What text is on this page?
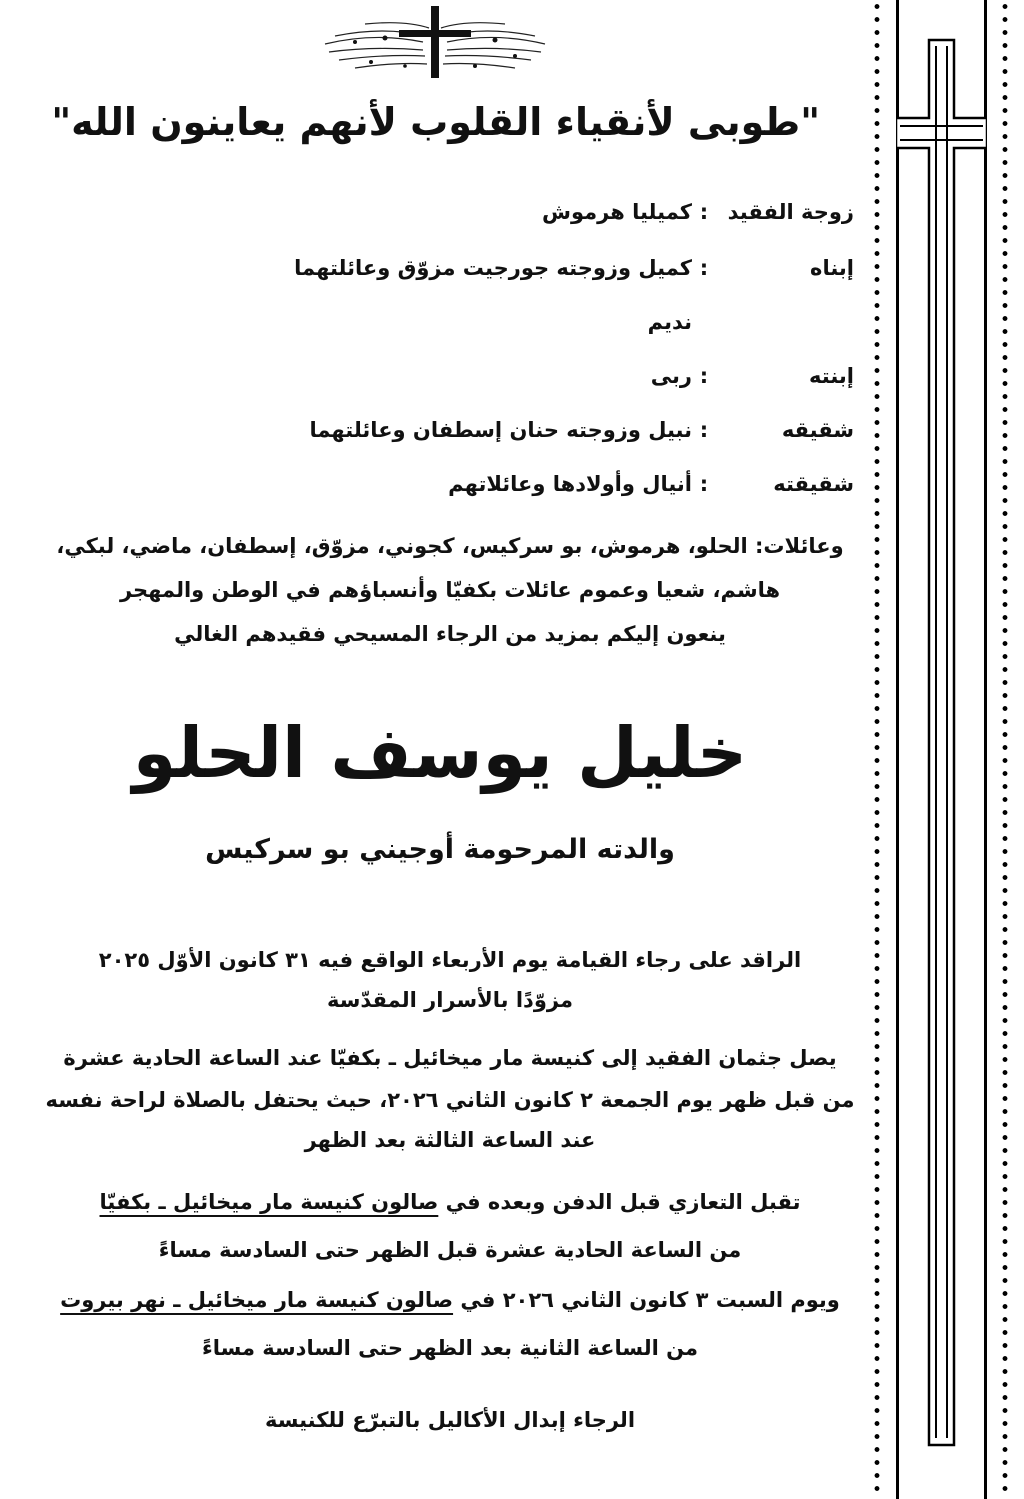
"طوبى لأنقياء القلوب لأنهم يعاينون الله"
زوجة الفقيد
:
كميليا هرموش
إبناه
:
كميل وزوجته جورجيت مزوّق وعائلتهما
نديم
إبنته
:
ربى
شقيقه
:
نبيل وزوجته حنان إسطفان وعائلتهما
شقيقته
:
أنيال وأولادها وعائلاتهم
وعائلات: الحلو، هرموش، بو سركيس، كجوني، مزوّق، إسطفان، ماضي، لبكي،
هاشم، شعيا وعموم عائلات بكفيّا وأنسباؤهم في الوطن والمهجر
ينعون إليكم بمزيد من الرجاء المسيحي فقيدهم الغالي
خليل يوسف الحلو
والدته المرحومة أوجيني بو سركيس
الراقد على رجاء القيامة يوم الأربعاء الواقع فيه ٣١ كانون الأوّل ٢٠٢٥
مزوّدًا بالأسرار المقدّسة
يصل جثمان الفقيد إلى كنيسة مار ميخائيل ـ بكفيّا عند الساعة الحادية عشرة
من قبل ظهر يوم الجمعة ٢ كانون الثاني ٢٠٢٦، حيث يحتفل بالصلاة لراحة نفسه
عند الساعة الثالثة بعد الظهر
تقبل التعازي قبل الدفن وبعده في صالون كنيسة مار ميخائيل ـ بكفيّا
من الساعة الحادية عشرة قبل الظهر حتى السادسة مساءً
ويوم السبت ٣ كانون الثاني ٢٠٢٦ في صالون كنيسة مار ميخائيل ـ نهر بيروت
من الساعة الثانية بعد الظهر حتى السادسة مساءً
الرجاء إبدال الأكاليل بالتبرّع للكنيسة
